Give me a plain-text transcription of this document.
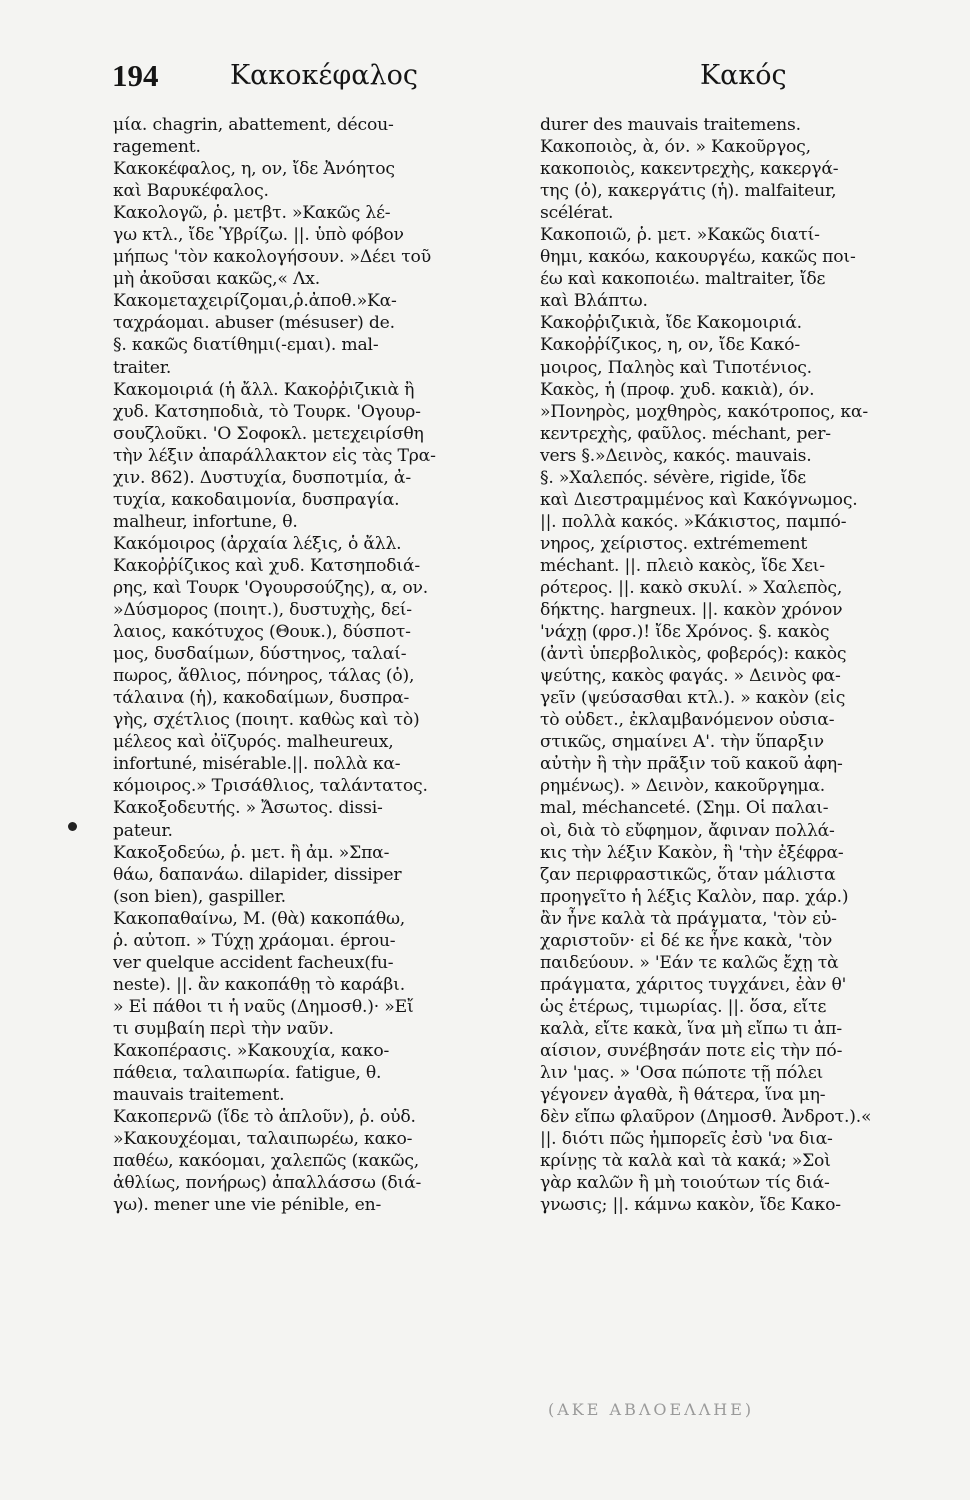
194	Κακοκέφαλος	Κακός
μία. chagrin, abattement, décou-
ragement.
Κακοκέφαλος, η, ον, ἴδε Ἀνόητος
καὶ Βαρυκέφαλος.
Κακολογῶ, ῥ. μετβτ. »Κακῶς λέ-
γω κτλ., ἴδε Ὑβρίζω. ||. ὑπὸ φόβον
μήπως 'τὸν κακολογήσουν. »Δέει τοῦ
μὴ ἀκοῦσαι κακῶς,« Λx.
Κακομεταχειρίζομαι,ῥ.ἀποθ.»Κα-
ταχράομαι. abuser (mésuser) de.
§. κακῶς διατίθημι(-εμαι). mal-
traiter.
Κακομοιριά (ἡ ἄλλ. Κακοῤῥιζικιὰ ἢ
χυδ. Κατσηποδιὰ, τὸ Τουρκ. 'Ογουρ-
σουζλοῦκι. 'Ο Σοφοκλ. μετεχειρίσθη
τὴν λέξιν ἀπαράλλακτον εἰς τὰς Τρα-
χιν. 862). Δυστυχία, δυσποτμία, ἀ-
τυχία, κακοδαιμονία, δυσπραγία.
malheur, infortune, θ.
Κακόμοιρος (ἀρχαία λέξις, ὁ ἄλλ.
Κακοῤῥίζικος καὶ χυδ. Κατσηποδιά-
ρης, καὶ Τουρκ 'Ογουρσούζης), α, ον.
»Δύσμορος (ποιητ.), δυστυχὴς, δεί-
λαιος, κακότυχος (Θουκ.), δύσποτ-
μος, δυσδαίμων, δύστηνος, ταλαί-
πωρος, ἄθλιος, πόνηρος, τάλας (ὁ),
τάλαινα (ἡ), κακοδαίμων, δυσπρα-
γὴς, σχέτλιος (ποιητ. καθὼς καὶ τὸ)
μέλεος καὶ ὀϊζυρός. malheureux,
infortuné, misérable.||. πολλὰ κα-
κόμοιρος.» Τρισάθλιος, ταλάντατος.
Κακοξοδευτής. » Ἄσωτος. dissi-
pateur.
Κακοξοδεύω, ῥ. μετ. ἢ ἀμ. »Σπα-
θάω, δαπανάω. dilapider, dissiper
(son bien), gaspiller.
Κακοπαθαίνω, Μ. (θὰ) κακοπάθω,
ῥ. αὐτοπ. » Τύχῃ χράομαι. éprou-
ver quelque accident facheux(fu-
neste). ||. ἂν κακοπάθῃ τὸ καράβι.
» Εἰ πάθοι τι ἡ ναῦς (Δημοσθ.)· »Εἴ
τι συμβαίη περὶ τὴν ναῦν.
Κακοπέρασις. »Κακουχία, κακο-
πάθεια, ταλαιπωρία. fatigue, θ.
mauvais traitement.
Κακοπερνῶ (ἴδε τὸ ἁπλοῦν), ῥ. οὐδ.
»Κακουχέομαι, ταλαιπωρέω, κακο-
παθέω, κακόομαι, χαλεπῶς (κακῶς,
ἀθλίως, πονήρως) ἀπαλλάσσω (διά-
γω). mener une vie pénible, en-
durer des mauvais traitemens.
Κακοποιὸς, ὰ, όν. » Κακοῦργος,
κακοποιὸς, κακεντρεχὴς, κακεργά-
της (ὁ), κακεργάτις (ἡ). malfaiteur,
scélérat.
Κακοποιῶ, ῥ. μετ. »Κακῶς διατί-
θημι, κακόω, κακουργέω, κακῶς ποι-
έω καὶ κακοποιέω. maltraiter, ἴδε
καὶ Βλάπτω.
Κακοῤῥιζικιὰ, ἴδε Κακομοιριά.
Κακοῤῥίζικος, η, ον, ἴδε Κακό-
μοιρος, Παληὸς καὶ Τιποτένιος.
Κακὸς, ἡ (προφ. χυδ. κακιὰ), όν.
»Πονηρὸς, μοχθηρὸς, κακότροπος, κα-
κεντρεχὴς, φαῦλος. méchant, per-
vers §.»Δεινὸς, κακός. mauvais.
§. »Χαλεπός. sévère, rigide, ἴδε
καὶ Διεστραμμένος καὶ Κακόγνωμος.
||. πολλὰ κακός. »Κάκιστος, παμπό-
νηρος, χείριστος. extrémement
méchant. ||. πλειὸ κακὸς, ἴδε Χει-
ρότερος. ||. κακὸ σκυλί. » Χαλεπὸς,
δήκτης. hargneux. ||. κακὸν χρόνον
'νάχῃ (φρσ.)! ἴδε Χρόνος. §. κακὸς
(ἀντὶ ὑπερβολικὸς, φοβερός): κακὸς
ψεύτης, κακὸς φαγάς. » Δεινὸς φα-
γεῖν (ψεύσασθαι κτλ.). » κακὸν (εἰς
τὸ οὐδετ., ἐκλαμβανόμενον οὐσια-
στικῶς, σημαίνει Α'. τὴν ὕπαρξιν
αὐτὴν ἢ τὴν πρᾶξιν τοῦ κακοῦ ἀφη-
ρημένως). » Δεινὸν, κακοῦργημα.
mal, méchanceté. (Σημ. Οἱ παλαι-
οὶ, διὰ τὸ εὔφημον, ἄφιναν πολλά-
κις τὴν λέξιν Κακὸν, ἢ 'τὴν ἐξέφρα-
ζαν περιφραστικῶς, ὅταν μάλιστα
προηγεῖτο ἡ λέξις Καλὸν, παρ. χάρ.)
ἂν ἦνε καλὰ τὰ πράγματα, 'τὸν εὐ-
χαριστοῦν· εἰ δέ κε ἦνε κακὰ, 'τὸν
παιδεύουν. » 'Εάν τε καλῶς ἔχῃ τὰ
πράγματα, χάριτος τυγχάνει, ἐὰν θ'
ὡς ἑτέρως, τιμωρίας. ||. ὅσα, εἴτε
καλὰ, εἴτε κακὰ, ἵνα μὴ εἴπω τι ἀπ-
αίσιον, συνέβησάν ποτε εἰς τὴν πό-
λιν 'μας. » 'Οσα πώποτε τῇ πόλει
γέγονεν ἀγαθὰ, ἢ θάτερα, ἵνα μη-
δὲν εἴπω φλαῦρον (Δημοσθ. Ἀνδροτ.).«
||. διότι πῶς ἠμπορεῖς ἐσὺ 'να δια-
κρίνῃς τὰ καλὰ καὶ τὰ κακά; »Σοὶ
γὰρ καλῶν ἢ μὴ τοιούτων τίς διά-
γνωσις; ||. κάμνω κακὸν, ἴδε Κακο-
(ΑΚΕ ΑΒΛΟΕΛΛΗΕ)
